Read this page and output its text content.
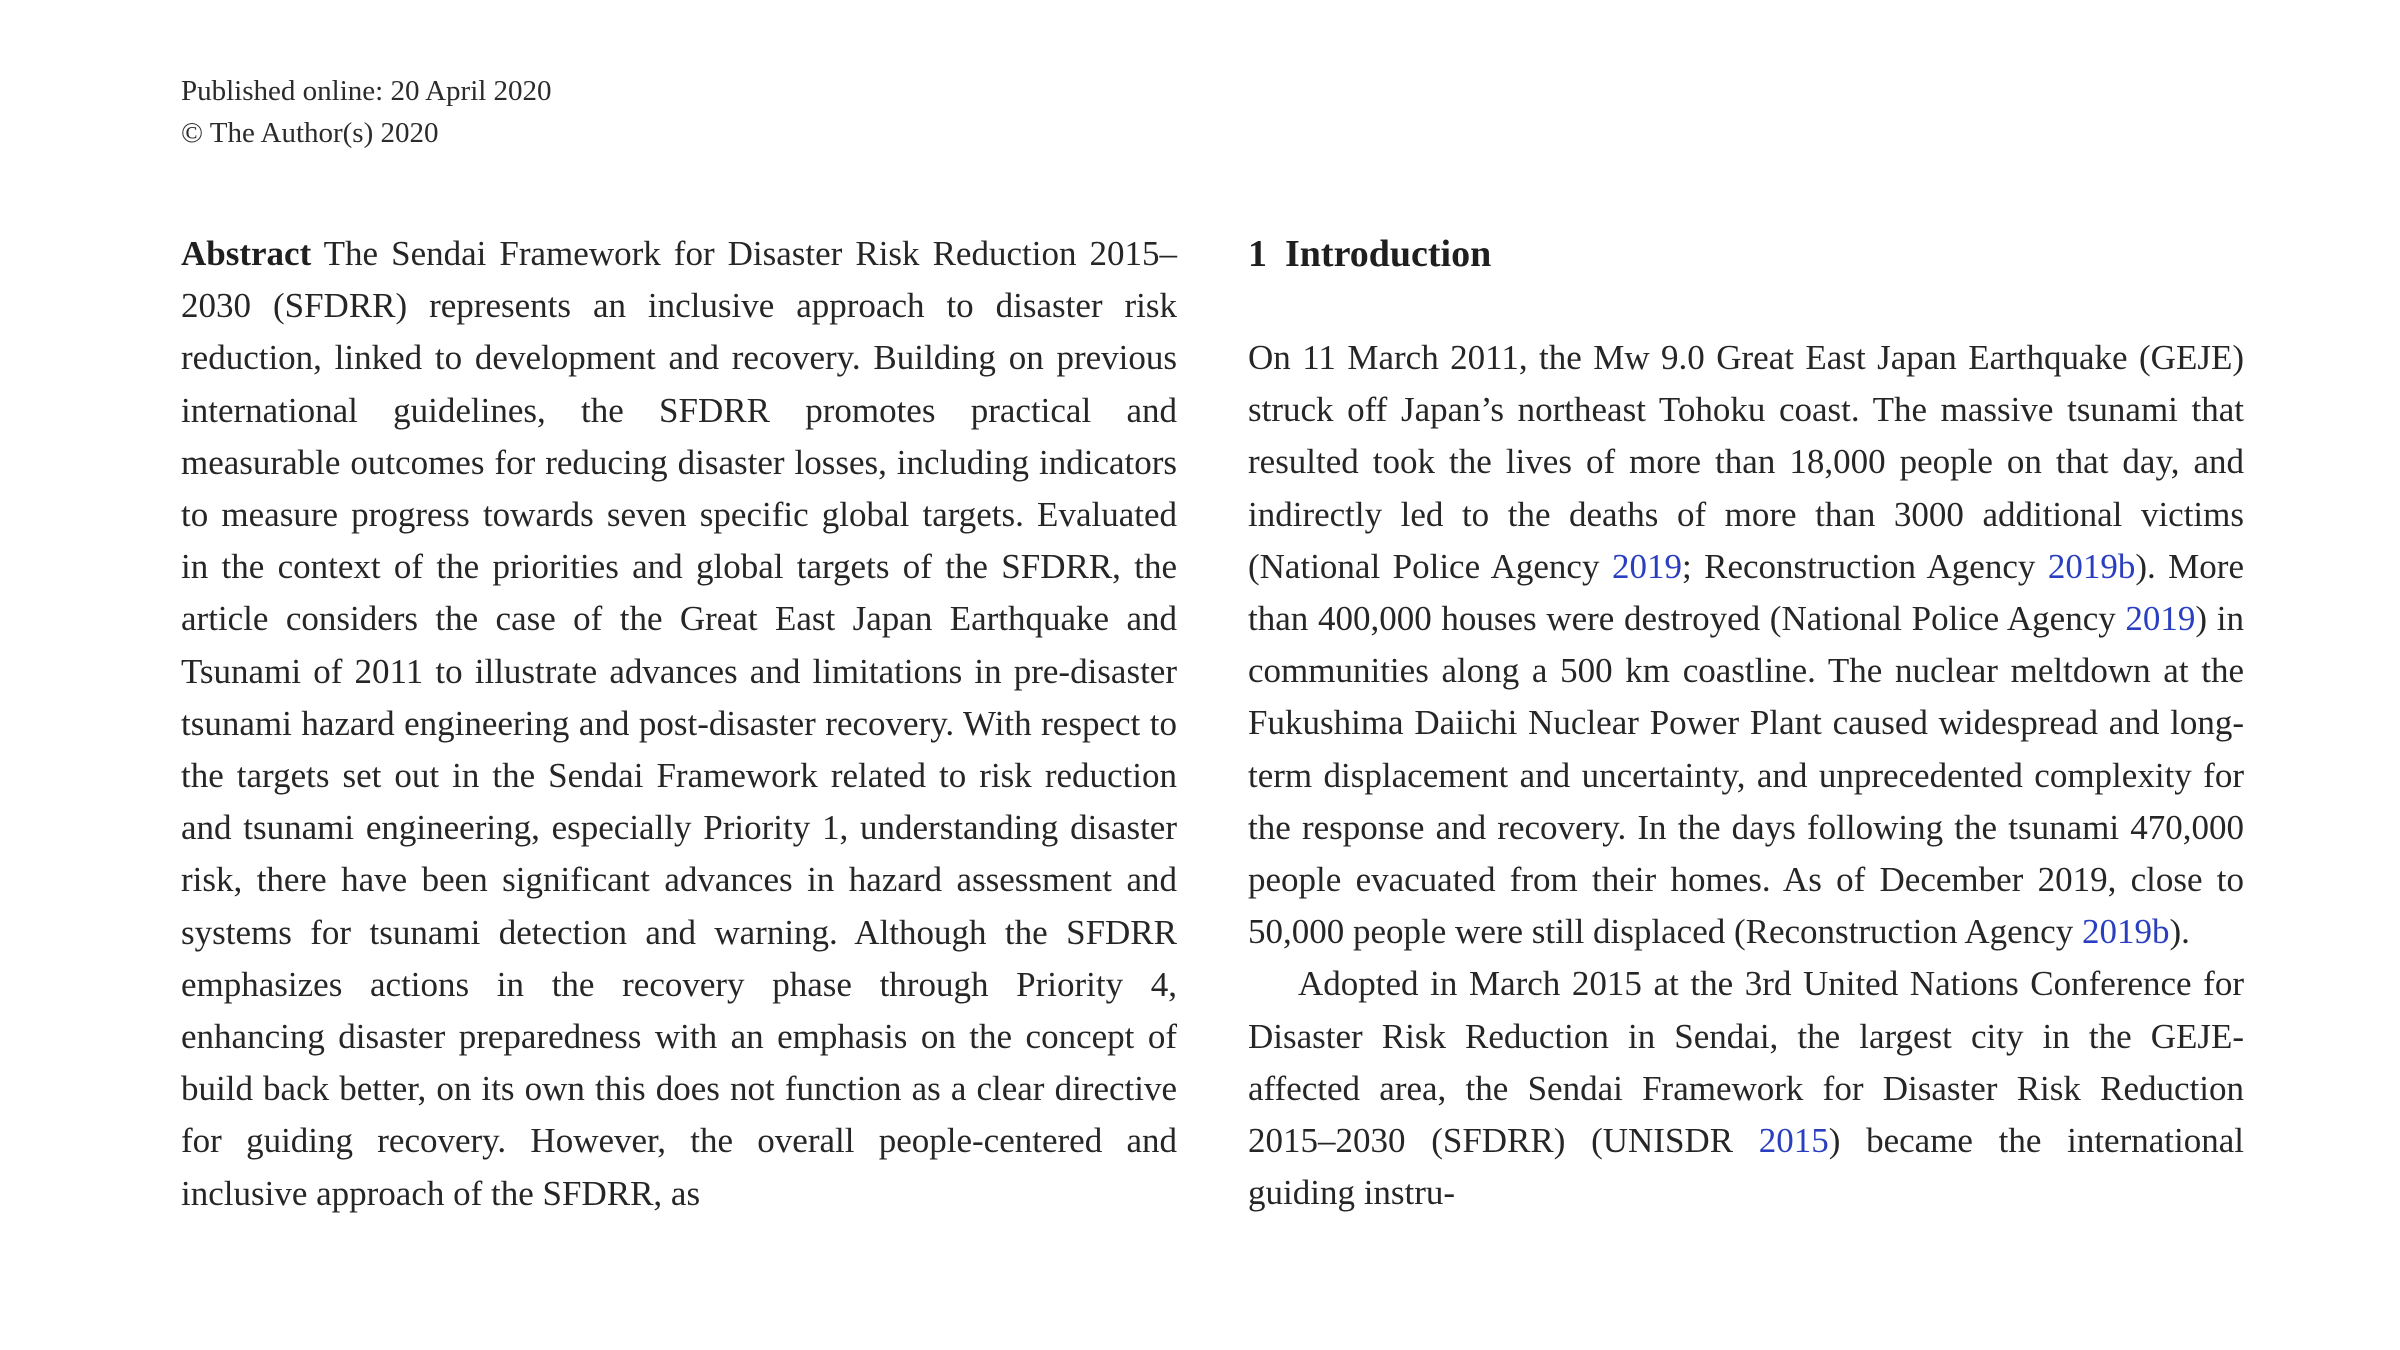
Published online: 20 April 2020
© The Author(s) 2020

Abstract The Sendai Framework for Disaster Risk Reduction 2015–2030 (SFDRR) represents an inclusive approach to disaster risk reduction, linked to development and recovery. Building on previous international guidelines, the SFDRR promotes practical and measurable outcomes for reducing disaster losses, including indicators to measure progress towards seven specific global targets. Evaluated in the context of the priorities and global targets of the SFDRR, the article considers the case of the Great East Japan Earthquake and Tsunami of 2011 to illustrate advances and limitations in pre-disaster tsunami hazard engineering and post-disaster recovery. With respect to the targets set out in the Sendai Framework related to risk reduction and tsunami engineering, especially Priority 1, understanding disaster risk, there have been significant advances in hazard assessment and systems for tsunami detection and warning. Although the SFDRR emphasizes actions in the recovery phase through Priority 4, enhancing disaster preparedness with an emphasis on the concept of build back better, on its own this does not function as a clear directive for guiding recovery. However, the overall people-centered and inclusive approach of the SFDRR, as

1 Introduction

On 11 March 2011, the Mw 9.0 Great East Japan Earthquake (GEJE) struck off Japan’s northeast Tohoku coast. The massive tsunami that resulted took the lives of more than 18,000 people on that day, and indirectly led to the deaths of more than 3000 additional victims (National Police Agency 2019; Reconstruction Agency 2019b). More than 400,000 houses were destroyed (National Police Agency 2019) in communities along a 500 km coastline. The nuclear meltdown at the Fukushima Daiichi Nuclear Power Plant caused widespread and long-term displacement and uncertainty, and unprecedented complexity for the response and recovery. In the days following the tsunami 470,000 people evacuated from their homes. As of December 2019, close to 50,000 people were still displaced (Reconstruction Agency 2019b).

Adopted in March 2015 at the 3rd United Nations Conference for Disaster Risk Reduction in Sendai, the largest city in the GEJE-affected area, the Sendai Framework for Disaster Risk Reduction 2015–2030 (SFDRR) (UNISDR 2015) became the international guiding instru-
